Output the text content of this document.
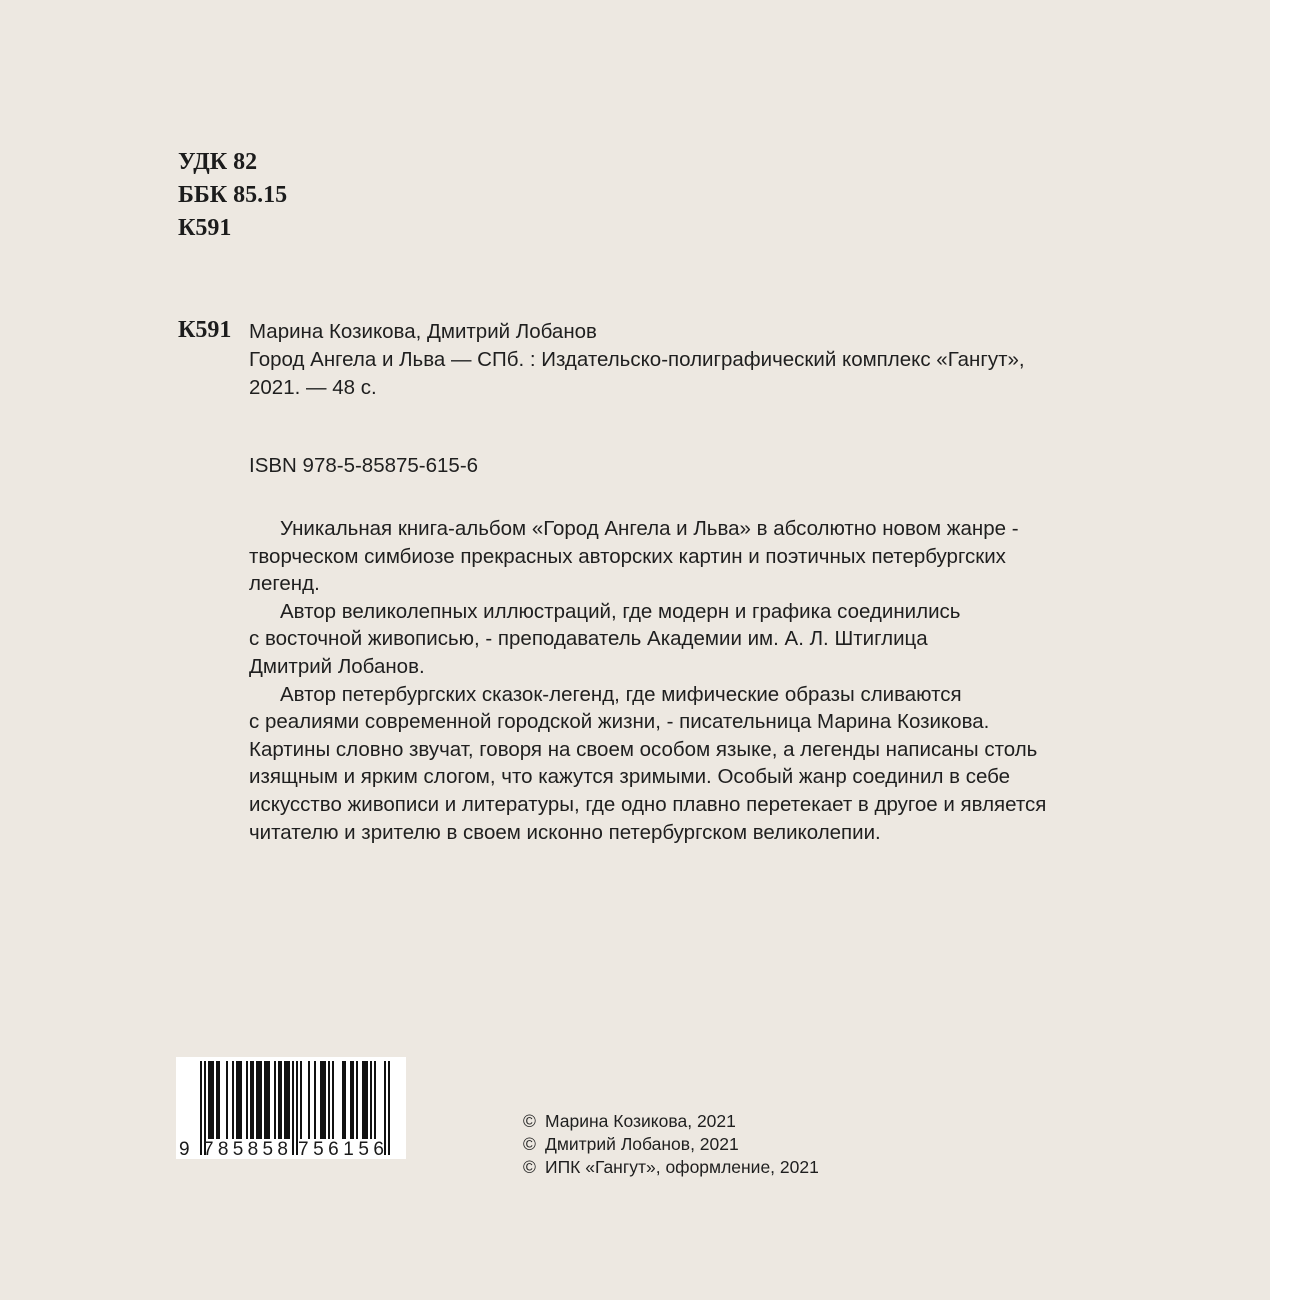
УДК 82
ББК 85.15
К591
К591 Марина Козикова, Дмитрий Лобанов
Город Ангела и Льва — СПб. : Издательско-полиграфический комплекс «Гангут»,
2021. — 48 с.
ISBN 978-5-85875-615-6
Уникальная книга-альбом «Город Ангела и Льва» в абсолютно новом жанре -
творческом симбиозе прекрасных авторских картин и поэтичных петербургских
легенд.
Автор великолепных иллюстраций, где модерн и графика соединились
с восточной живописью, - преподаватель Академии им. А. Л. Штиглица
Дмитрий Лобанов.
Автор петербургских сказок-легенд, где мифические образы сливаются
с реалиями современной городской жизни, - писательница Марина Козикова.
Картины словно звучат, говоря на своем особом языке, а легенды написаны столь
изящным и ярким слогом, что кажутся зримыми. Особый жанр соединил в себе
искусство живописи и литературы, где одно плавно перетекает в другое и является
читателю и зрителю в своем исконно петербургском великолепии.
9 785858 756156
© Марина Козикова, 2021
© Дмитрий Лобанов, 2021
© ИПК «Гангут», оформление, 2021
